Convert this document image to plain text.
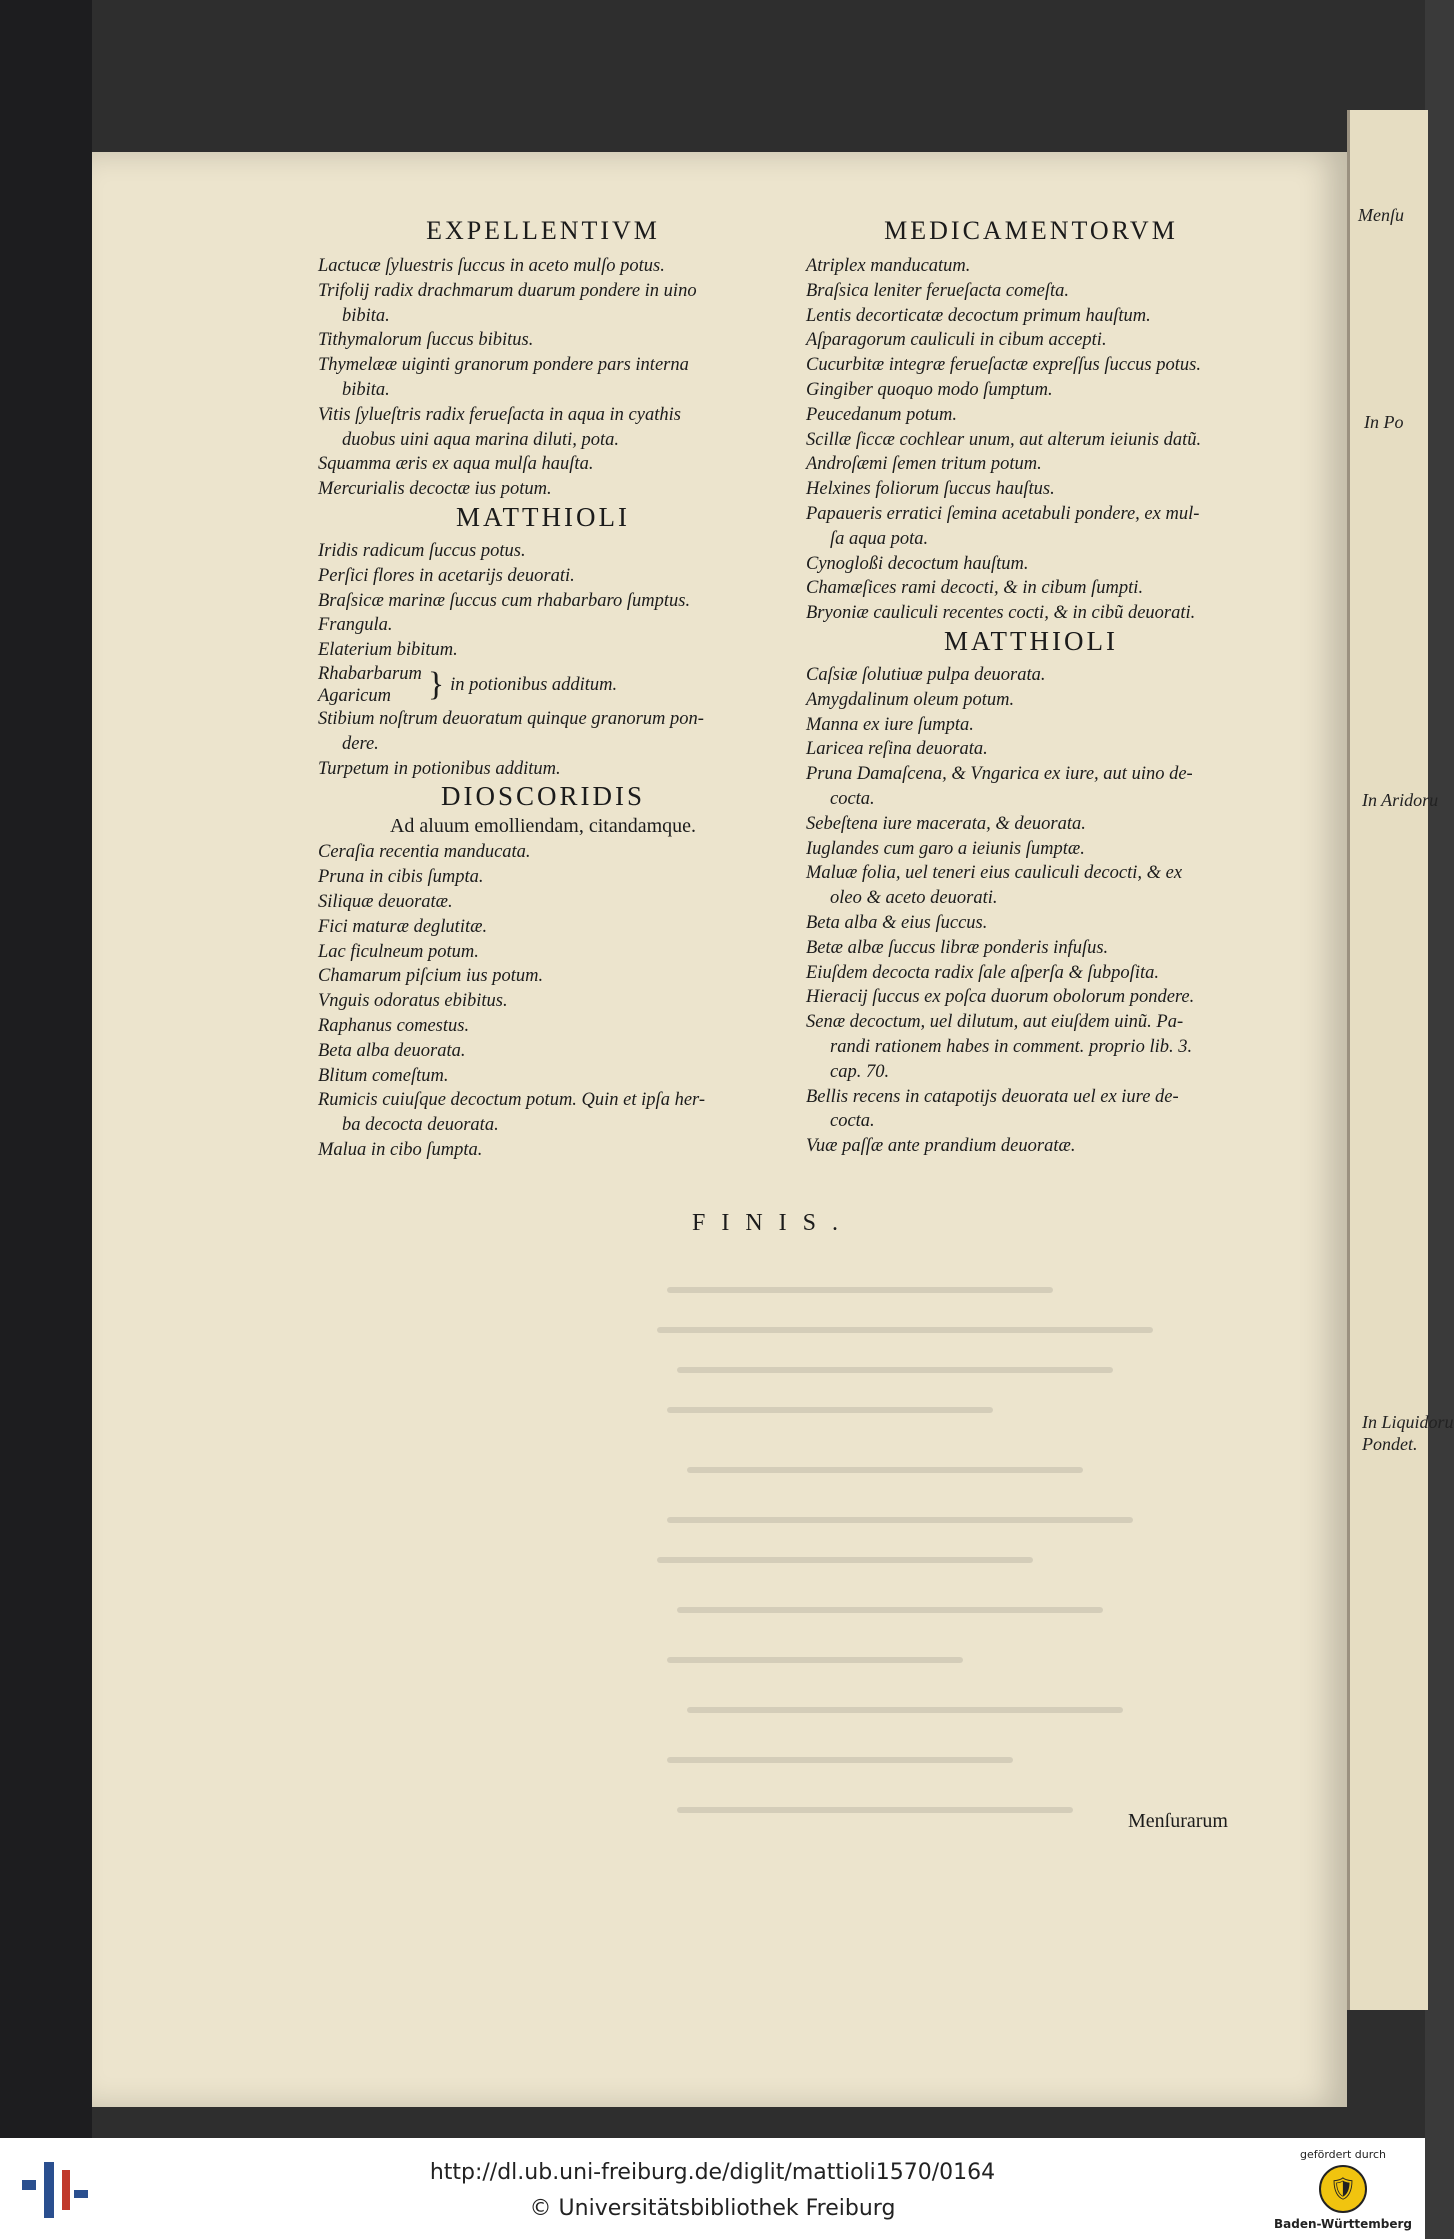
Menſu
In Po
In Aridoru
In Liquidoru
Pondet.
EXPELLENTIVM
Lactucæ ſyluestris ſuccus in aceto mulſo potus.
Trifolij radix drachmarum duarum pondere in uino
bibita.
Tithymalorum ſuccus bibitus.
Thymelææ uiginti granorum pondere pars interna
bibita.
Vitis ſylueſtris radix ferueſacta in aqua in cyathis
duobus uini aqua marina diluti, pota.
Squamma æris ex aqua mulſa hauſta.
Mercurialis decoctæ ius potum.
MATTHIOLI
Iridis radicum ſuccus potus.
Perſici flores in acetarijs deuorati.
Braſsicæ marinæ ſuccus cum rhabarbaro ſumptus.
Frangula.
Elaterium bibitum.
Rhabarbarum
Agaricum	} in potionibus additum.
Stibium noſtrum deuoratum quinque granorum pon-
dere.
Turpetum in potionibus additum.
DIOSCORIDIS
Ad aluum emolliendam, citandamque.
Ceraſia recentia manducata.
Pruna in cibis ſumpta.
Siliquæ deuoratæ.
Fici maturæ deglutitæ.
Lac ficulneum potum.
Chamarum piſcium ius potum.
Vnguis odoratus ebibitus.
Raphanus comestus.
Beta alba deuorata.
Blitum comeſtum.
Rumicis cuiuſque decoctum potum. Quin et ipſa her-
ba decocta deuorata.
Malua in cibo ſumpta.
MEDICAMENTORVM
Atriplex manducatum.
Braſsica leniter ferueſacta comeſta.
Lentis decorticatæ decoctum primum hauſtum.
Aſparagorum cauliculi in cibum accepti.
Cucurbitæ integræ ferueſactæ expreſſus ſuccus potus.
Gingiber quoquo modo ſumptum.
Peucedanum potum.
Scillæ ſiccæ cochlear unum, aut alterum ieiunis datũ.
Androſæmi ſemen tritum potum.
Helxines foliorum ſuccus hauſtus.
Papaueris erratici ſemina acetabuli pondere, ex mul-
ſa aqua pota.
Cynogloßi decoctum hauſtum.
Chamæſices rami decocti, & in cibum ſumpti.
Bryoniæ cauliculi recentes cocti, & in cibũ deuorati.
MATTHIOLI
Caſsiæ ſolutiuæ pulpa deuorata.
Amygdalinum oleum potum.
Manna ex iure ſumpta.
Laricea reſina deuorata.
Pruna Damaſcena, & Vngarica ex iure, aut uino de-
cocta.
Sebeſtena iure macerata, & deuorata.
Iuglandes cum garo a ieiunis ſumptæ.
Maluæ folia, uel teneri eius cauliculi decocti, & ex
oleo & aceto deuorati.
Beta alba & eius ſuccus.
Betæ albæ ſuccus libræ ponderis infuſus.
Eiuſdem decocta radix ſale aſperſa & ſubpoſita.
Hieracij ſuccus ex poſca duorum obolorum pondere.
Senæ decoctum, uel dilutum, aut eiuſdem uinũ. Pa-
randi rationem habes in comment. proprio lib. 3.
cap. 70.
Bellis recens in catapotijs deuorata uel ex iure de-
cocta.
Vuæ paſſæ ante prandium deuoratæ.
FINIS.
Menſurarum
http://dl.ub.uni-freiburg.de/diglit/mattioli1570/0164
© Universitätsbibliothek Freiburg
gefördert durch
🛡
Baden-Württemberg
